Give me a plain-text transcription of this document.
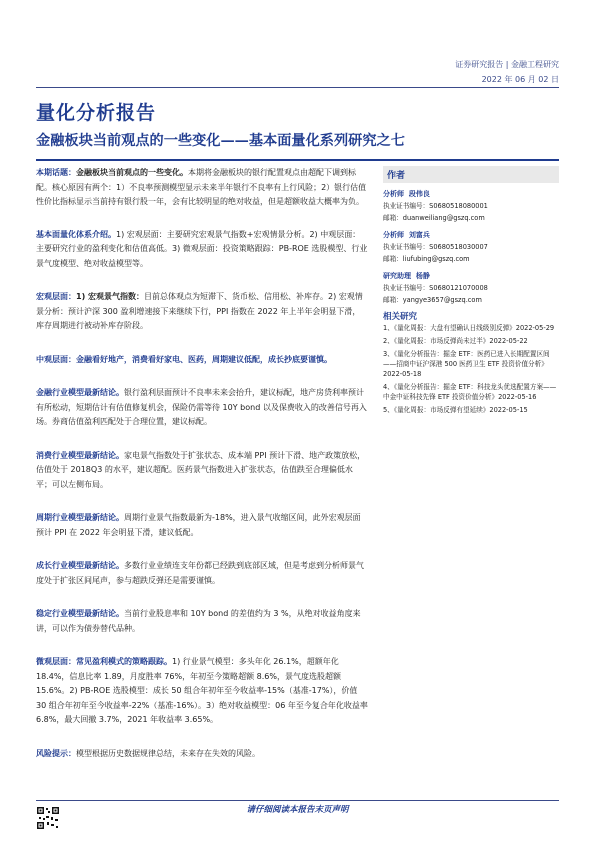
证券研究报告 | 金融工程研究
2022 年 06 月 02 日
量化分析报告
金融板块当前观点的一些变化——基本面量化系列研究之七

本期话题：金融板块当前观点的一些变化。本期将金融板块的银行配置观点由超配下调到标配。核心原因有两个：1）不良率预测模型显示未来半年银行不良率有上行风险；2）银行估值性价比指标显示当前持有银行股一年，会有比较明显的绝对收益，但是超额收益大概率为负。

基本面量化体系介绍。1) 宏观层面：主要研究宏观景气指数+宏观情景分析。2) 中观层面：主要研究行业的盈利变化和估值高低。3) 微观层面：投资策略跟踪：PB-ROE 选股模型、行业景气度模型、绝对收益模型等。

宏观层面：1) 宏观景气指数：目前总体观点为短滞下、货币松、信用松、补库存。2) 宏观情景分析：预计沪深 300 盈利增速接下来继续下行，PPI 指数在 2022 年上半年会明显下滑，库存周期进行被动补库存阶段。

中观层面：金融看好地产，消费看好家电、医药，周期建议低配，成长抄底要谨慎。

金融行业模型最新结论。银行盈利层面预计不良率未来会抬升，建议标配，地产房贷利率预计有所松动，短期估计有估值修复机会，保险仍需等待 10Y bond 以及保费收入的改善信号再入场。券商估值盈利匹配处于合理位置，建议标配。

消费行业模型最新结论。家电景气指数处于扩张状态、成本端 PPI 预计下滑、地产政策放松，估值处于 2018Q3 的水平，建议超配。医药景气指数进入扩张状态，估值跌至合理偏低水平；可以左侧布局。

周期行业模型最新结论。周期行业景气指数最新为-18%，进入景气收缩区间，此外宏观层面预计 PPI 在 2022 年会明显下滑，建议低配。

成长行业模型最新结论。多数行业业绩连支年份都已经跌到底部区域，但是考虑到分析师景气度处于扩张区间尾声，参与超跌反弹还是需要谨慎。

稳定行业模型最新结论。当前行业股息率和 10Y bond 的差值约为 3 %，从绝对收益角度来讲，可以作为债券替代品种。

微观层面：常见盈利模式的策略跟踪。1) 行业景气模型：多头年化 26.1%，超额年化 18.4%，信息比率 1.89，月度胜率 76%，年初至今策略超额 8.6%，景气度选股超额 15.6%。2) PB-ROE 选股模型：成长 50 组合年初年至今收益率-15%（基准-17%），价值 30 组合年初年至今收益率-22%（基准-16%）。3）绝对收益模型：06 年至今复合年化收益率 6.8%，最大回撤 3.7%，2021 年收益率 3.65%。

风险提示：模型根据历史数据规律总结，未来存在失效的风险。

作者
分析师 段伟良
执业证书编号：S0680518080001
邮箱：duanweiliang@gszq.com
分析师 刘富兵
执业证书编号：S0680518030007
邮箱：liufubing@gszq.com
研究助理 杨静
执业证书编号：S0680121070008
邮箱：yangye3657@gszq.com
相关研究
1、《量化周报：大盘有望确认日线级别反弹》2022-05-29
2、《量化周报：市场反弹尚未过半》2022-05-22
3、《量化分析报告：掘金 ETF：医药已进入长期配置区间——招商中证沪深港 500 医药卫生 ETF 投资价值分析》2022-05-18
4、《量化分析报告：掘金 ETF：科技龙头优选配置方案——中金中证科技先锋 ETF 投资价值分析》2022-05-16
5、《量化周报：市场反弹有望延续》2022-05-15
请仔细阅读本报告末页声明
